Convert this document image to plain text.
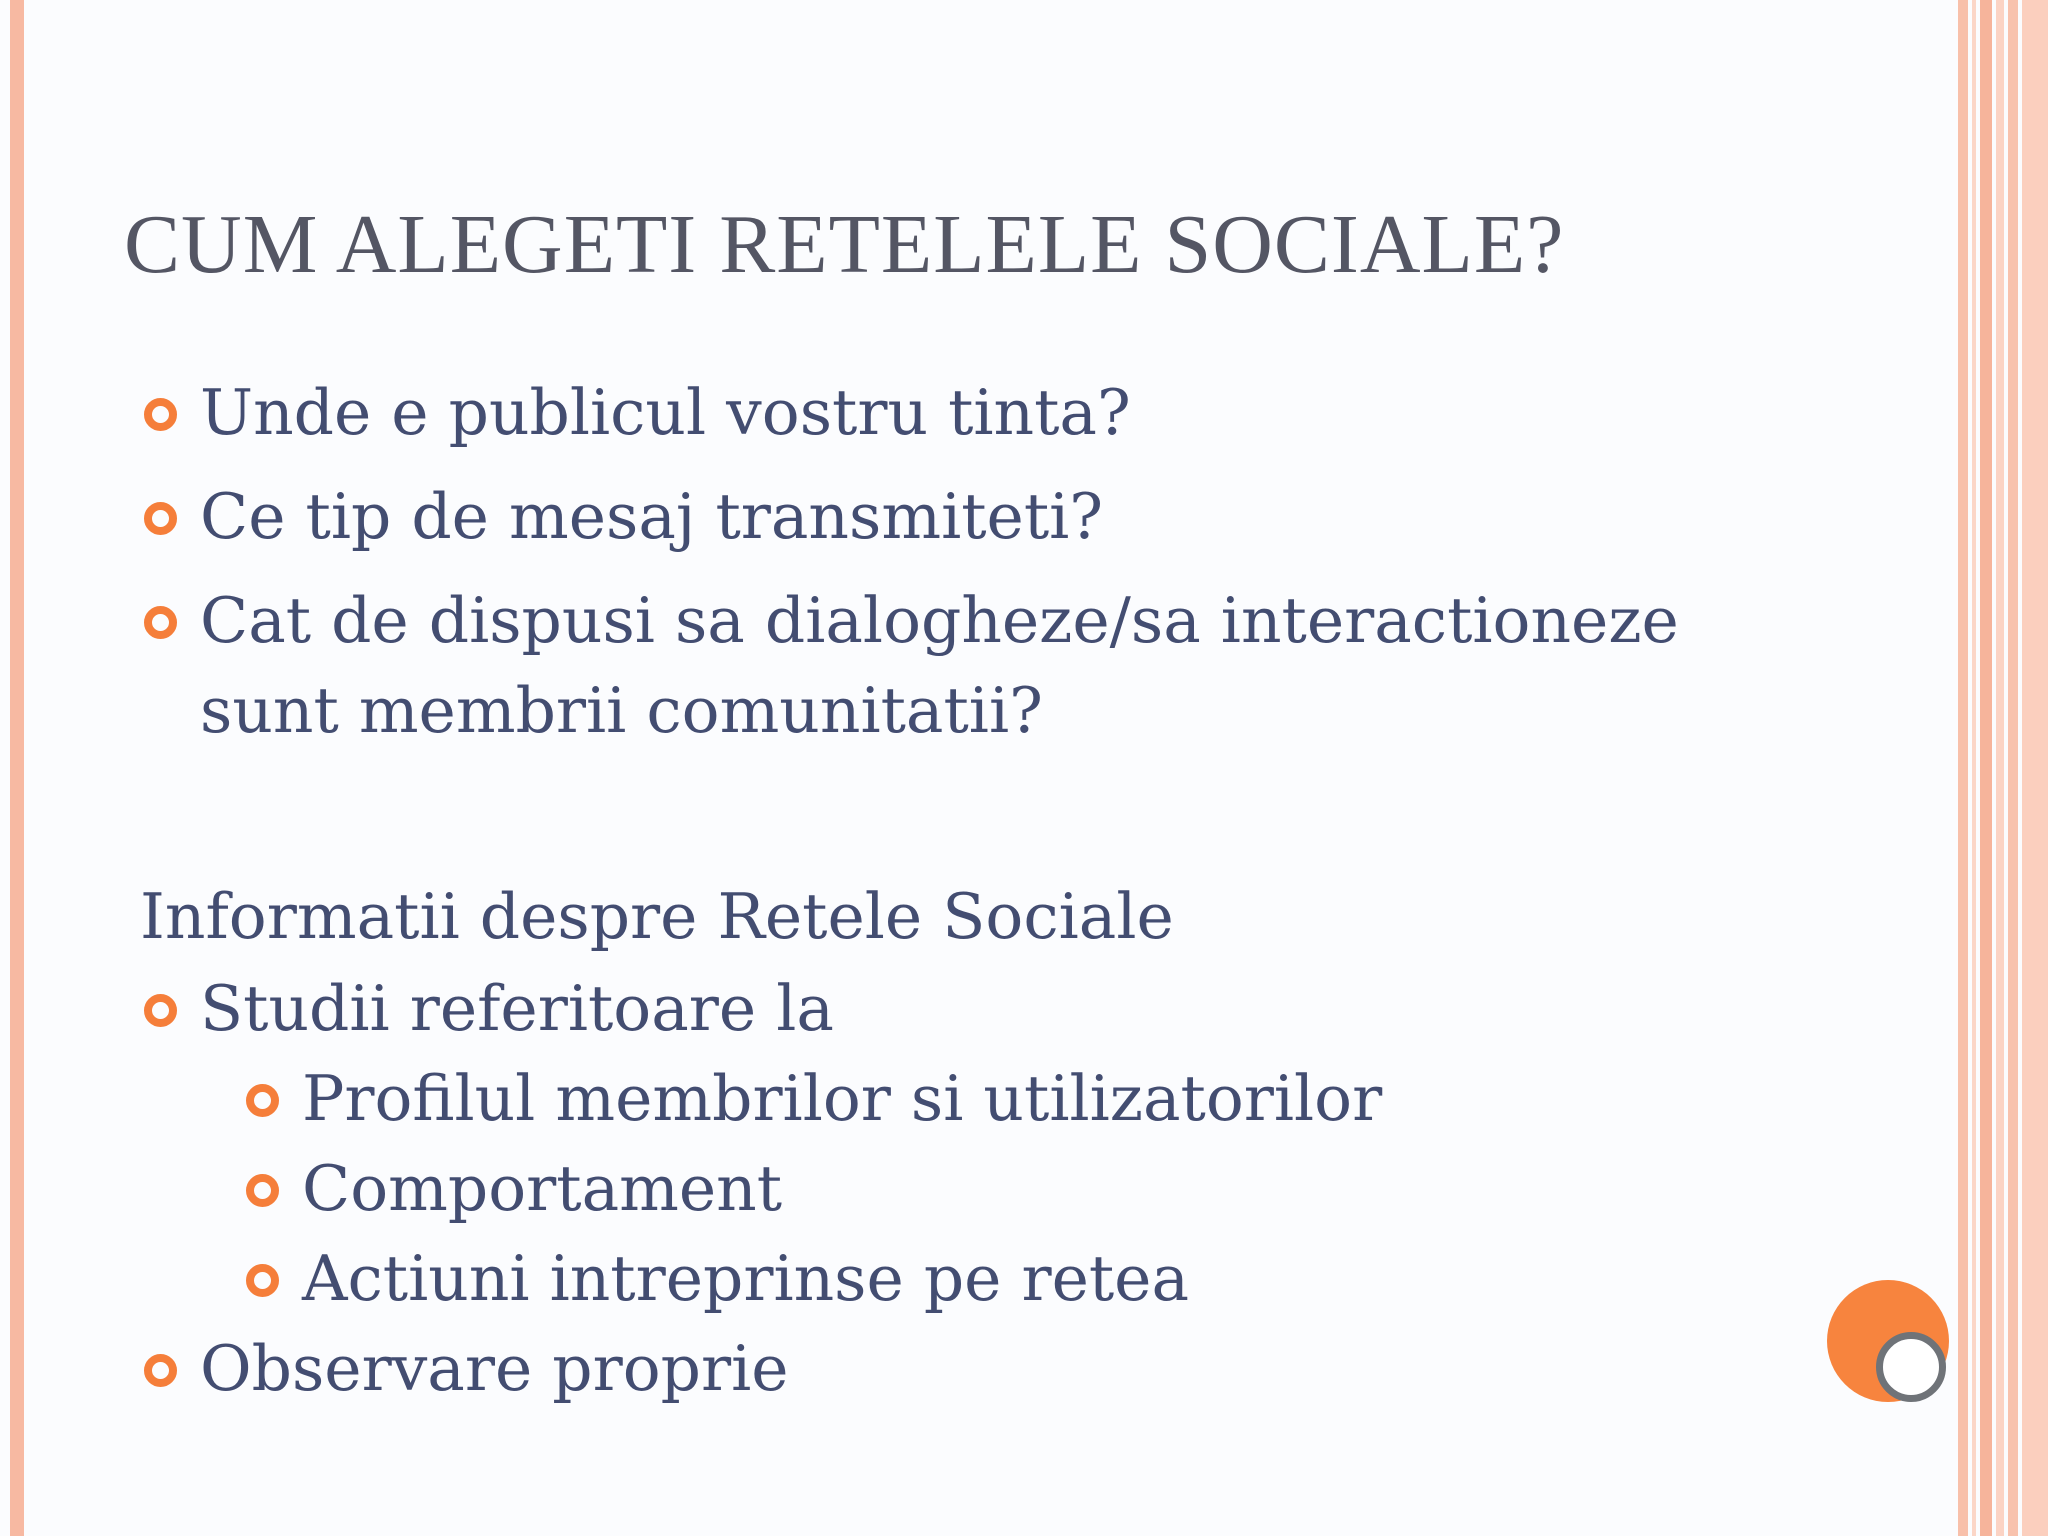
CUM ALEGETI RETELELE SOCIALE?
Unde e publicul vostru tinta?
Ce tip de mesaj transmiteti?
Cat de dispusi sa dialogheze/sa interactioneze
sunt membrii comunitatii?
Informatii despre Retele Sociale
Studii referitoare la
Profilul membrilor si utilizatorilor
Comportament
Actiuni intreprinse pe retea
Observare proprie
